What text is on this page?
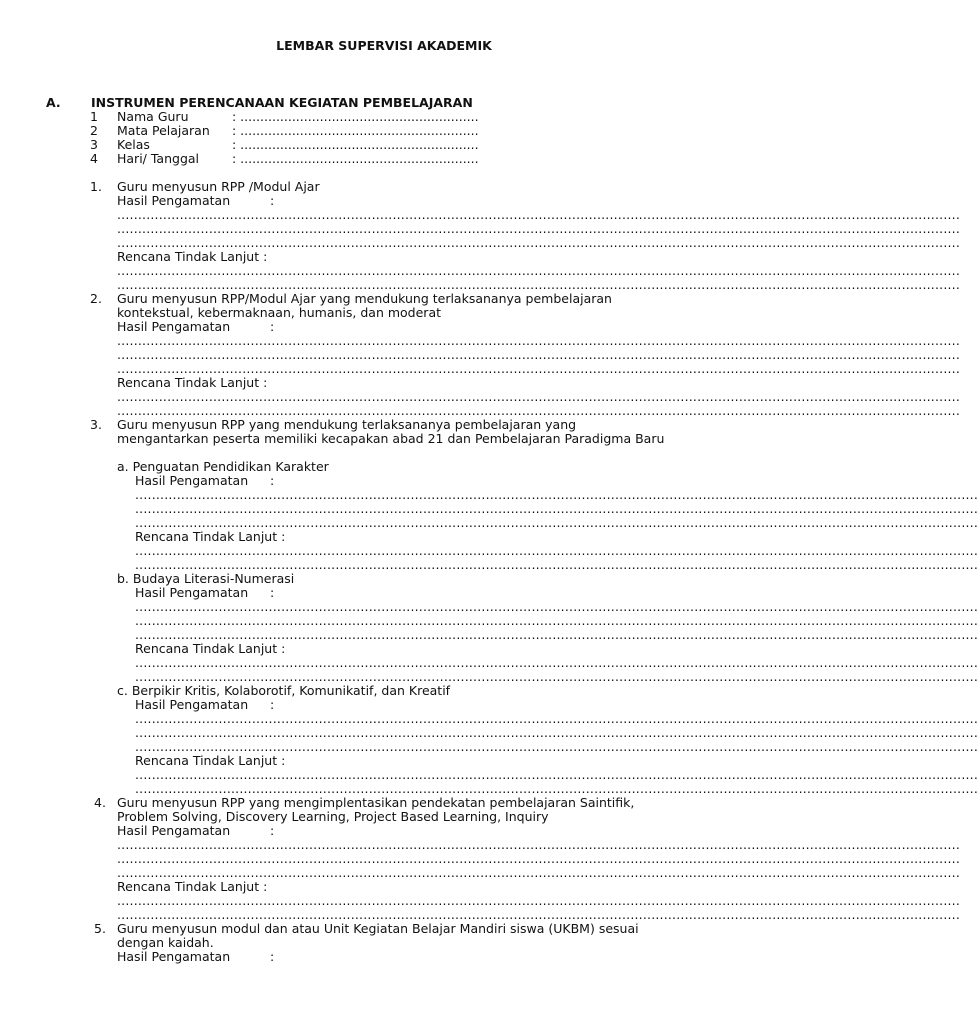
LEMBAR SUPERVISI AKADEMIK
A. INSTRUMEN PERENCANAAN KEGIATAN PEMBELAJARAN
1 Nama Guru	: ............................................................
2 Mata Pelajaran : ............................................................
3 Kelas	: ............................................................
4 Hari/ Tanggal	: ............................................................
1. Guru menyusun RPP /Modul Ajar
Hasil Pengamatan	:
..........................................................................................................................................................................................................
..........................................................................................................................................................................................................
..........................................................................................................................................................................................................
Rencana Tindak Lanjut :
..........................................................................................................................................................................................................
..........................................................................................................................................................................................................
2. Guru menyusun RPP/Modul Ajar yang mendukung terlaksananya pembelajaran
kontekstual, kebermaknaan, humanis, dan moderat
Hasil Pengamatan	:
..........................................................................................................................................................................................................
..........................................................................................................................................................................................................
..........................................................................................................................................................................................................
Rencana Tindak Lanjut :
..........................................................................................................................................................................................................
..........................................................................................................................................................................................................
3. Guru menyusun RPP yang mendukung terlaksananya pembelajaran yang
mengantarkan peserta memiliki kecapakan abad 21 dan Pembelajaran Paradigma Baru
a. Penguatan Pendidikan Karakter
Hasil Pengamatan :
..........................................................................................................................................................................................................
..........................................................................................................................................................................................................
..........................................................................................................................................................................................................
Rencana Tindak Lanjut :
..........................................................................................................................................................................................................
..........................................................................................................................................................................................................
b. Budaya Literasi-Numerasi
Hasil Pengamatan :
..........................................................................................................................................................................................................
..........................................................................................................................................................................................................
..........................................................................................................................................................................................................
Rencana Tindak Lanjut :
..........................................................................................................................................................................................................
..........................................................................................................................................................................................................
c. Berpikir Kritis, Kolaborotif, Komunikatif, dan Kreatif
Hasil Pengamatan :
..........................................................................................................................................................................................................
..........................................................................................................................................................................................................
..........................................................................................................................................................................................................
Rencana Tindak Lanjut :
..........................................................................................................................................................................................................
..........................................................................................................................................................................................................
4. Guru menyusun RPP yang mengimplentasikan pendekatan pembelajaran Saintifik,
Problem Solving, Discovery Learning, Project Based Learning, Inquiry
Hasil Pengamatan	:
..........................................................................................................................................................................................................
..........................................................................................................................................................................................................
..........................................................................................................................................................................................................
Rencana Tindak Lanjut :
..........................................................................................................................................................................................................
..........................................................................................................................................................................................................
5. Guru menyusun modul dan atau Unit Kegiatan Belajar Mandiri siswa (UKBM) sesuai
dengan kaidah.
Hasil Pengamatan	:
